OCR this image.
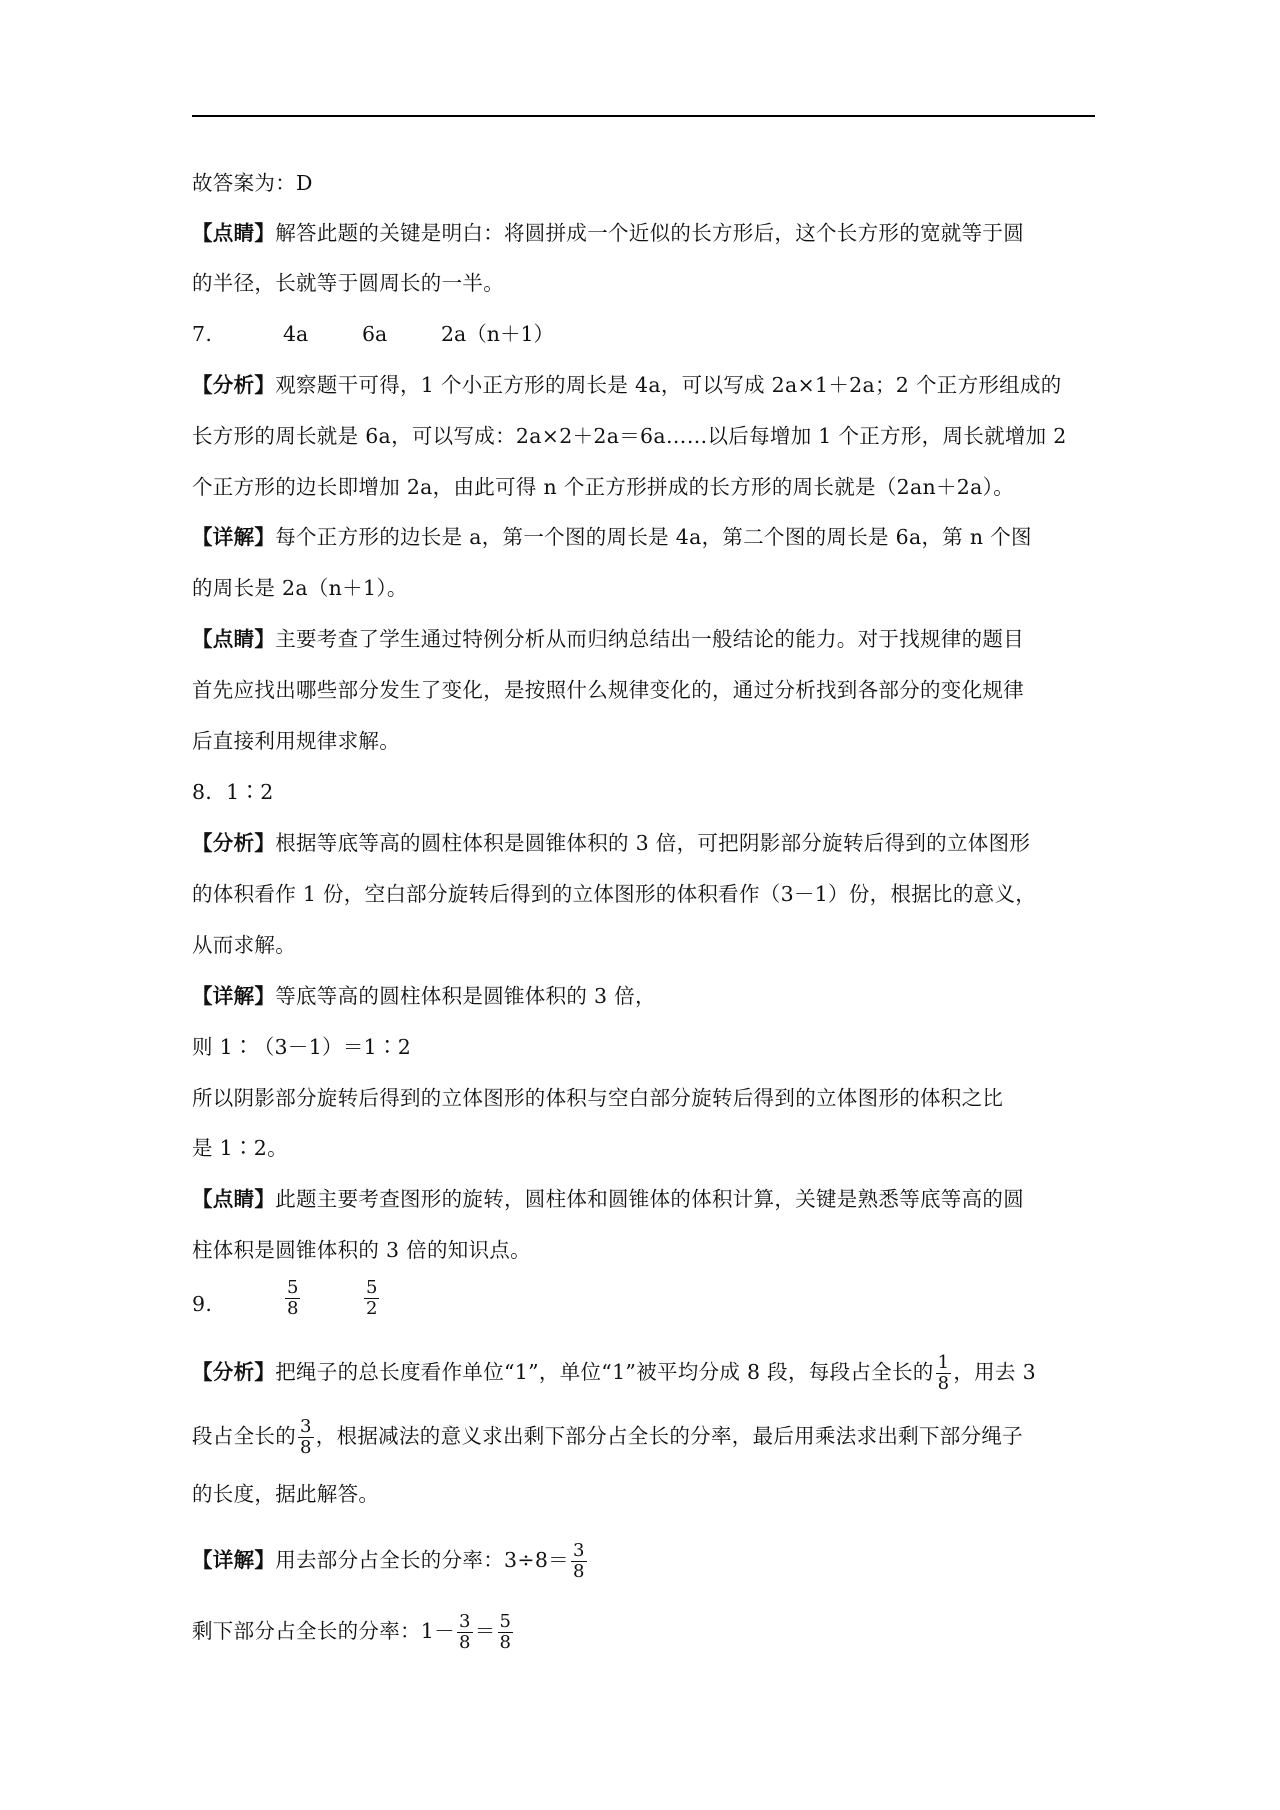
故答案为：D
【点睛】解答此题的关键是明白：将圆拼成一个近似的长方形后，这个长方形的宽就等于圆
的半径，长就等于圆周长的一半。
7.	4a	6a	2a（n＋1）
【分析】观察题干可得，1 个小正方形的周长是 4a，可以写成 2a×1＋2a；2 个正方形组成的
长方形的周长就是 6a，可以写成：2a×2＋2a＝6a……以后每增加 1 个正方形，周长就增加 2
个正方形的边长即增加 2a，由此可得 n 个正方形拼成的长方形的周长就是（2an＋2a）。
【详解】每个正方形的边长是 a，第一个图的周长是 4a，第二个图的周长是 6a，第 n 个图
的周长是 2a（n＋1）。
【点睛】主要考查了学生通过特例分析从而归纳总结出一般结论的能力。对于找规律的题目
首先应找出哪些部分发生了变化，是按照什么规律变化的，通过分析找到各部分的变化规律
后直接利用规律求解。
8．1∶2
【分析】根据等底等高的圆柱体积是圆锥体积的 3 倍，可把阴影部分旋转后得到的立体图形
的体积看作 1 份，空白部分旋转后得到的立体图形的体积看作（3－1）份，根据比的意义，
从而求解。
【详解】等底等高的圆柱体积是圆锥体积的 3 倍，
则 1∶（3－1）＝1∶2
所以阴影部分旋转后得到的立体图形的体积与空白部分旋转后得到的立体图形的体积之比
是 1∶2。
【点睛】此题主要考查图形的旋转，圆柱体和圆锥体的体积计算，关键是熟悉等底等高的圆
柱体积是圆锥体积的 3 倍的知识点。
9.	$\frac{5}{8}$	$\frac{5}{2}$
【分析】把绳子的总长度看作单位“1”，单位“1”被平均分成 8 段，每段占全长的 $\frac{1}{8}$ ，用去 3
段占全长的 $\frac{3}{8}$ ，根据减法的意义求出剩下部分占全长的分率，最后用乘法求出剩下部分绳子
的长度，据此解答。
【详解】用去部分占全长的分率：$3\div 8= \frac{3}{8}$
剩下部分占全长的分率：$1- \frac{3}{8} = \frac{5}{8}$
